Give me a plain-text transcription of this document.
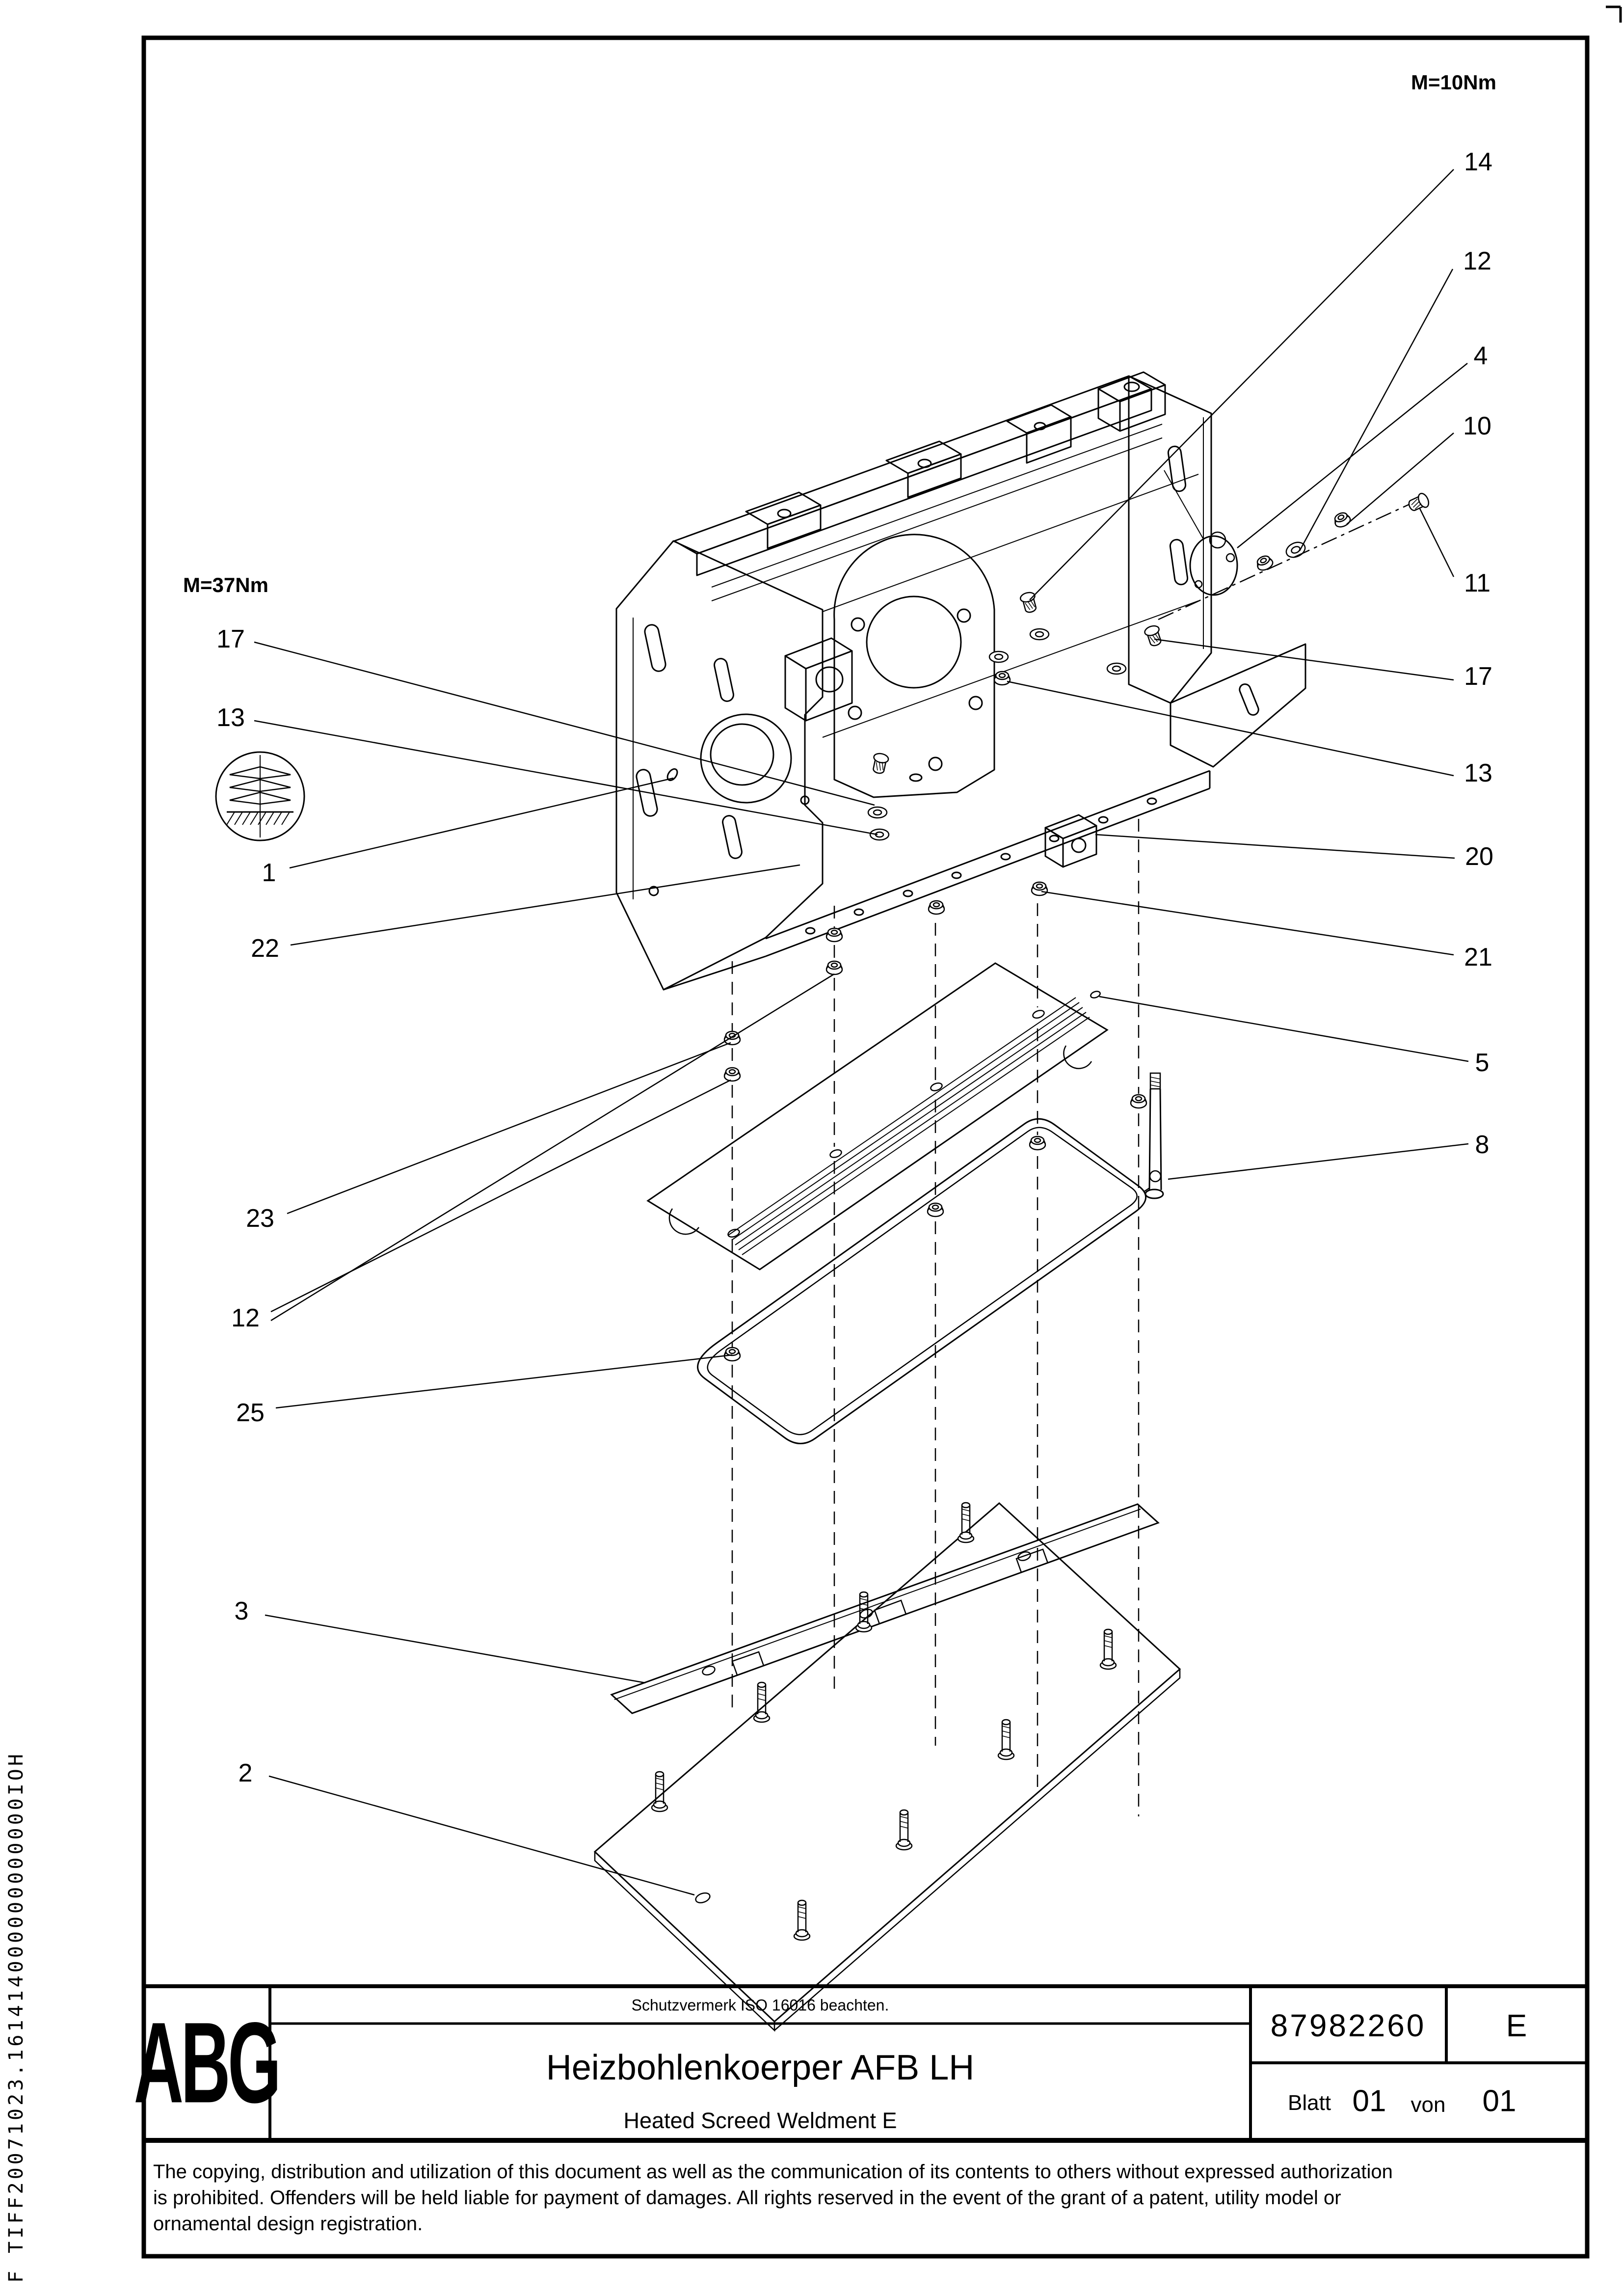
14
12
4
10
11
17
13
20
21
5
8
17
13
1
22
23
12
25
3
2
M=37Nm
M=10Nm
ABG	Schutzvermerk ISO 16016 beachten.
Heizbohlenkoerper AFB LH
Heated Screed Weldment E
87982260	E
Blatt 01 von 01
The copying, distribution and utilization of this document as well as the communication of its contents to others without expressed authorization
is prohibited. Offenders will be held liable for payment of damages. All rights reserved in the event of the grant of a patent, utility model or
ornamental design registration.
F TIFF20071023.161414000000000000IOH
